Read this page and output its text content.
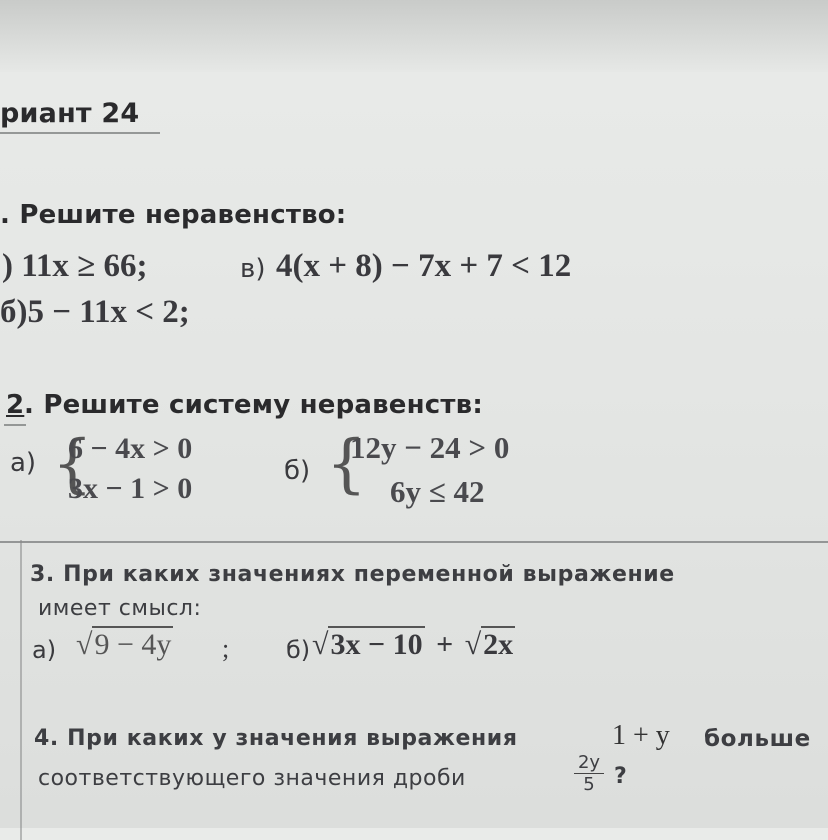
риант 24
. Решите неравенство:
) 11x ≥ 66;	в) 4(x + 8) − 7x + 7 < 12
б)5 − 11x < 2;
2 . Решите систему неравенств:
а) {
6 − 4x > 0
3x − 1 > 0
б) {
12y − 24 > 0
6y ≤ 42
3. При каких значениях переменной выражение
имеет смысл:
а) √9 − 4y ; б) √3x − 10 + √2x
4. При каких у значения выражения	1 + y больше
соответствующего значения дроби	$\frac{2y}{5}$ ?
